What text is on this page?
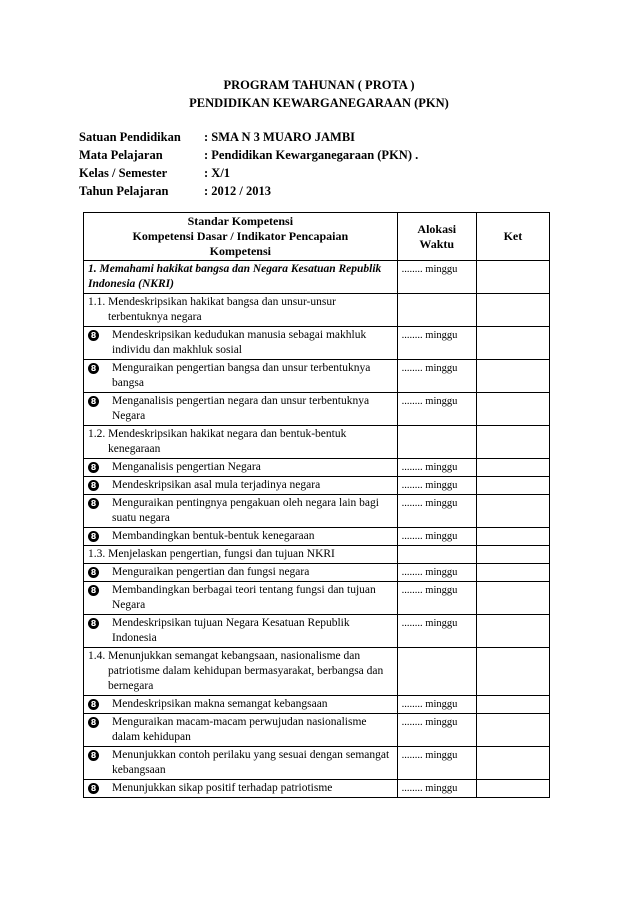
PROGRAM TAHUNAN ( PROTA )
PENDIDIKAN KEWARGANEGARAAN (PKN)
Satuan Pendidikan	: SMA N 3 MUARO JAMBI
Mata Pelajaran	: Pendidikan Kewarganegaraan (PKN) .
Kelas / Semester	: X/1
Tahun Pelajaran	: 2012 / 2013
Standar Kompetensi
Kompetensi Dasar / Indikator Pencapaian
Kompetensi	Alokasi Waktu	Ket
1. Memahami hakikat bangsa dan Negara Kesatuan Republik Indonesia (NKRI)	........ minggu	

1.1. Mendeskripsikan hakikat bangsa dan unsur-unsur terbentuknya negara		

8 Mendeskripsikan kedudukan manusia sebagai makhluk individu dan makhluk sosial	........ minggu	

8 Menguraikan pengertian bangsa dan unsur terbentuknya bangsa	........ minggu	

8 Menganalisis pengertian negara dan unsur terbentuknya Negara	........ minggu	

1.2. Mendeskripsikan hakikat negara dan bentuk-bentuk kenegaraan		

8 Menganalisis pengertian Negara	........ minggu	

8 Mendeskripsikan asal mula terjadinya negara	........ minggu	

8 Menguraikan pentingnya pengakuan oleh negara lain bagi suatu negara	........ minggu	

8 Membandingkan bentuk-bentuk kenegaraan	........ minggu	

1.3. Menjelaskan pengertian, fungsi dan tujuan NKRI		

8 Menguraikan pengertian dan fungsi negara	........ minggu	

8 Membandingkan berbagai teori tentang fungsi dan tujuan Negara	........ minggu	

8 Mendeskripsikan tujuan Negara Kesatuan Republik Indonesia	........ minggu	

1.4. Menunjukkan semangat kebangsaan, nasionalisme dan patriotisme dalam kehidupan bermasyarakat, berbangsa dan bernegara		

8 Mendeskripsikan makna semangat kebangsaan	........ minggu	

8 Menguraikan macam-macam perwujudan nasionalisme dalam kehidupan	........ minggu	

8 Menunjukkan contoh perilaku yang sesuai dengan semangat kebangsaan	........ minggu	

8 Menunjukkan sikap positif terhadap patriotisme	........ minggu	
